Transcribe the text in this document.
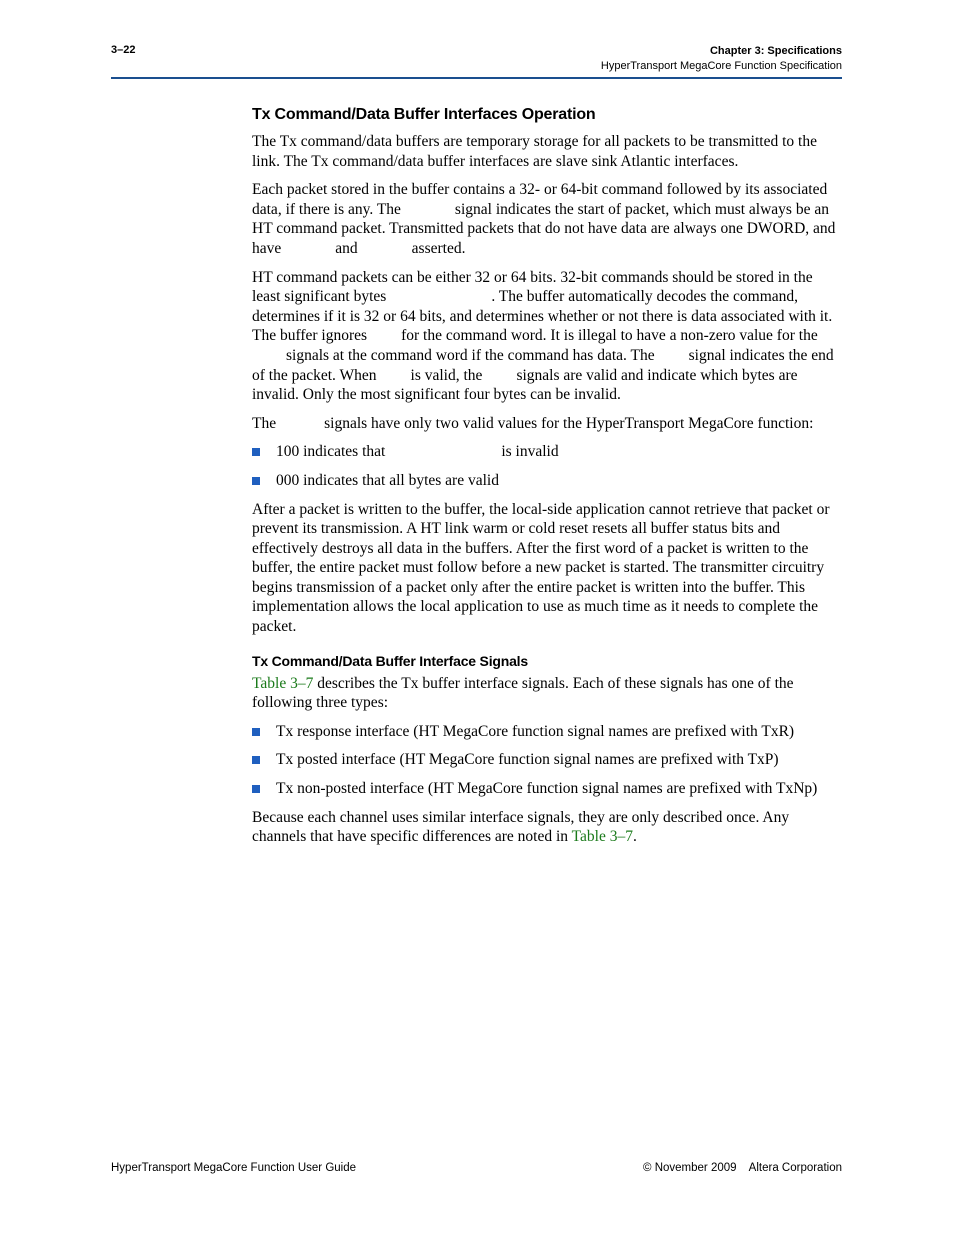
3–22	Chapter 3: Specifications
HyperTransport MegaCore Function Specification
Tx Command/Data Buffer Interfaces Operation

The Tx command/data buffers are temporary storage for all packets to be transmitted to the link. The Tx command/data buffer interfaces are slave sink Atlantic interfaces.

Each packet stored in the buffer contains a 32- or 64-bit command followed by its associated data, if there is any. The	signal indicates the start of packet, which must always be an HT command packet. Transmitted packets that do not have data are always one DWORD, and have	and	asserted.

HT command packets can be either 32 or 64 bits. 32-bit commands should be stored in the least significant bytes	. The buffer automatically decodes the command, determines if it is 32 or 64 bits, and determines whether or not there is data associated with it. The buffer ignores for the command word. It is illegal to have a non-zero value for thesignals at the command word if the command has data. The signal indicates the end of the packet. When is valid, the signals are valid and indicate which bytes are invalid. Only the most significant four bytes can be invalid.

The	signals have only two valid values for the HyperTransport MegaCore function:

100 indicates that	is invalid
000 indicates that all bytes are valid

After a packet is written to the buffer, the local-side application cannot retrieve that packet or prevent its transmission. A HT link warm or cold reset resets all buffer status bits and effectively destroys all data in the buffers. After the first word of a packet is written to the buffer, the entire packet must follow before a new packet is started. The transmitter circuitry begins transmission of a packet only after the entire packet is written into the buffer. This implementation allows the local application to use as much time as it needs to complete the packet.

Tx Command/Data Buffer Interface Signals

Table 3–7 describes the Tx buffer interface signals. Each of these signals has one of the following three types:

Tx response interface (HT MegaCore function signal names are prefixed with TxR)
Tx posted interface (HT MegaCore function signal names are prefixed with TxP)
Tx non-posted interface (HT MegaCore function signal names are prefixed with TxNp)

Because each channel uses similar interface signals, they are only described once. Any channels that have specific differences are noted in Table 3–7.

HyperTransport MegaCore Function User Guide	© November 2009    Altera Corporation
